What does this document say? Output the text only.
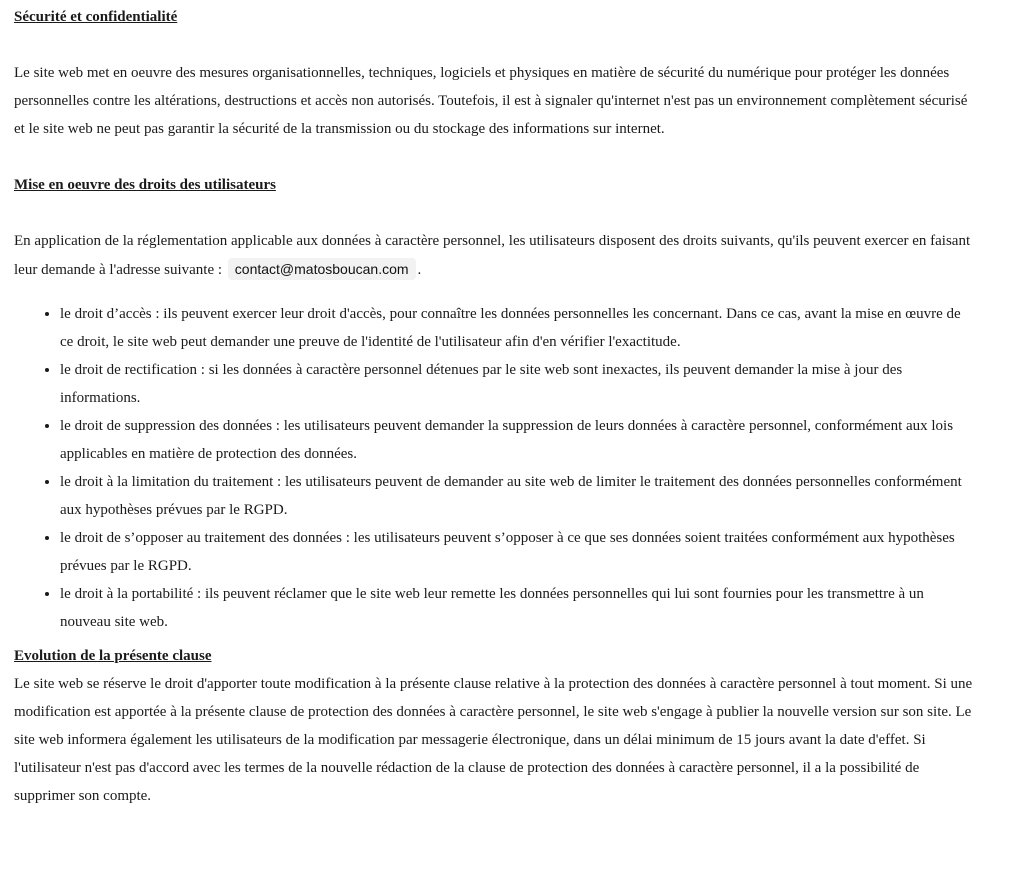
Sécurité et confidentialité

Le site web met en oeuvre des mesures organisationnelles, techniques, logiciels et physiques en matière de sécurité du numérique pour protéger les données personnelles contre les altérations, destructions et accès non autorisés. Toutefois, il est à signaler qu'internet n'est pas un environnement complètement sécurisé et le site web ne peut pas garantir la sécurité de la transmission ou du stockage des informations sur internet.

Mise en oeuvre des droits des utilisateurs

En application de la réglementation applicable aux données à caractère personnel, les utilisateurs disposent des droits suivants, qu'ils peuvent exercer en faisant leur demande à l'adresse suivante : contact@matosboucan.com .

• le droit d’accès : ils peuvent exercer leur droit d'accès, pour connaître les données personnelles les concernant. Dans ce cas, avant la mise en œuvre de ce droit, le site web peut demander une preuve de l'identité de l'utilisateur afin d'en vérifier l'exactitude.
• le droit de rectification : si les données à caractère personnel détenues par le site web sont inexactes, ils peuvent demander la mise à jour des informations.
• le droit de suppression des données : les utilisateurs peuvent demander la suppression de leurs données à caractère personnel, conformément aux lois applicables en matière de protection des données.
• le droit à la limitation du traitement : les utilisateurs peuvent de demander au site web de limiter le traitement des données personnelles conformément aux hypothèses prévues par le RGPD.
• le droit de s’opposer au traitement des données : les utilisateurs peuvent s’opposer à ce que ses données soient traitées conformément aux hypothèses prévues par le RGPD.
• le droit à la portabilité : ils peuvent réclamer que le site web leur remette les données personnelles qui lui sont fournies pour les transmettre à un nouveau site web.
Evolution de la présente clause

Le site web se réserve le droit d'apporter toute modification à la présente clause relative à la protection des données à caractère personnel à tout moment. Si une modification est apportée à la présente clause de protection des données à caractère personnel, le site web s'engage à publier la nouvelle version sur son site. Le site web informera également les utilisateurs de la modification par messagerie électronique, dans un délai minimum de 15 jours avant la date d'effet. Si l'utilisateur n'est pas d'accord avec les termes de la nouvelle rédaction de la clause de protection des données à caractère personnel, il a la possibilité de supprimer son compte.
